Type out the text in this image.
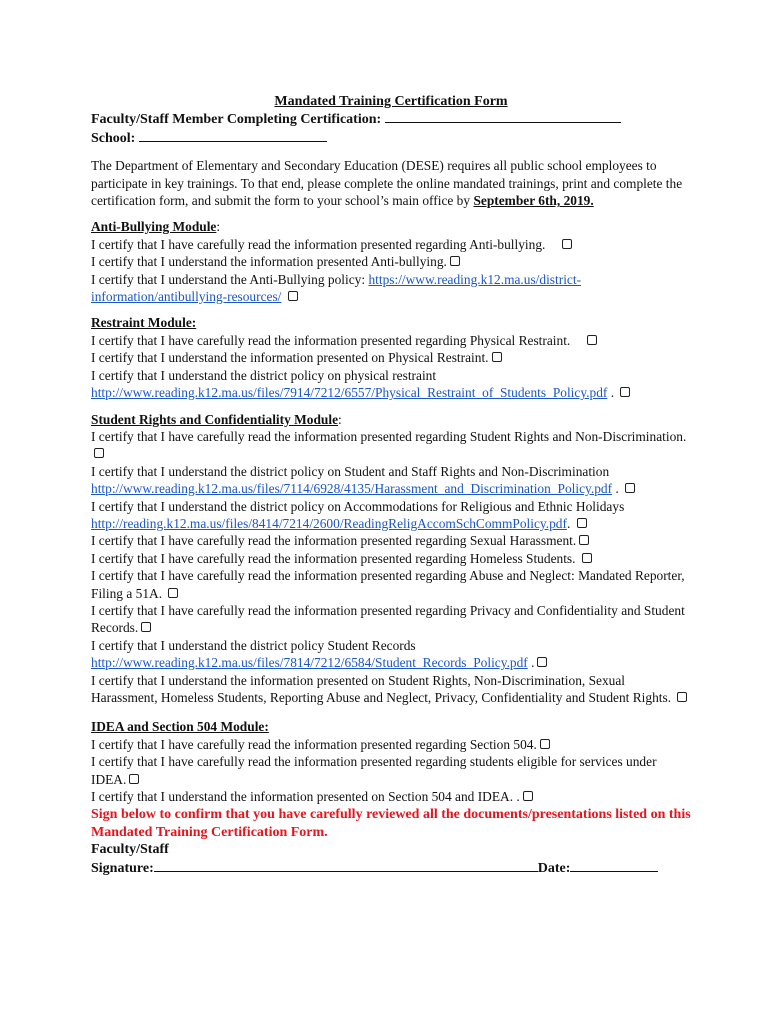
Mandated Training Certification Form
Faculty/Staff Member Completing Certification:
School:
The Department of Elementary and Secondary Education (DESE) requires all public school employees to participate in key trainings. To that end, please complete the online mandated trainings, print and complete the certification form, and submit the form to your school’s main office by September 6th, 2019.
Anti-Bullying Module:
I certify that I have carefully read the information presented regarding Anti-bullying.
I certify that I understand the information presented Anti-bullying.
I certify that I understand the Anti-Bullying policy: https://www.reading.k12.ma.us/district-information/antibullying-resources/
Restraint Module:
I certify that I have carefully read the information presented regarding Physical Restraint.
I certify that I understand the information presented on Physical Restraint.
I certify that I understand the district policy on physical restraint
http://www.reading.k12.ma.us/files/7914/7212/6557/Physical_Restraint_of_Students_Policy.pdf .
Student Rights and Confidentiality Module:
I certify that I have carefully read the information presented regarding Student Rights and Non-Discrimination.
I certify that I understand the district policy on Student and Staff Rights and Non-Discrimination
http://www.reading.k12.ma.us/files/7114/6928/4135/Harassment_and_Discrimination_Policy.pdf .
I certify that I understand the district policy on Accommodations for Religious and Ethnic Holidays
http://reading.k12.ma.us/files/8414/7214/2600/ReadingReligAccomSchCommPolicy.pdf.
I certify that I have carefully read the information presented regarding Sexual Harassment.
I certify that I have carefully read the information presented regarding Homeless Students.
I certify that I have carefully read the information presented regarding Abuse and Neglect: Mandated Reporter, Filing a 51A.
I certify that I have carefully read the information presented regarding Privacy and Confidentiality and Student Records.
I certify that I understand the district policy Student Records
http://www.reading.k12.ma.us/files/7814/7212/6584/Student_Records_Policy.pdf .
I certify that I understand the information presented on Student Rights, Non-Discrimination, Sexual Harassment, Homeless Students, Reporting Abuse and Neglect, Privacy, Confidentiality and Student Rights.
IDEA and Section 504 Module:
I certify that I have carefully read the information presented regarding Section 504.
I certify that I have carefully read the information presented regarding students eligible for services under IDEA.
I certify that I understand the information presented on Section 504 and IDEA. .
Sign below to confirm that you have carefully reviewed all the documents/presentations listed on this Mandated Training Certification Form.
Faculty/Staff
Signature:	Date:
